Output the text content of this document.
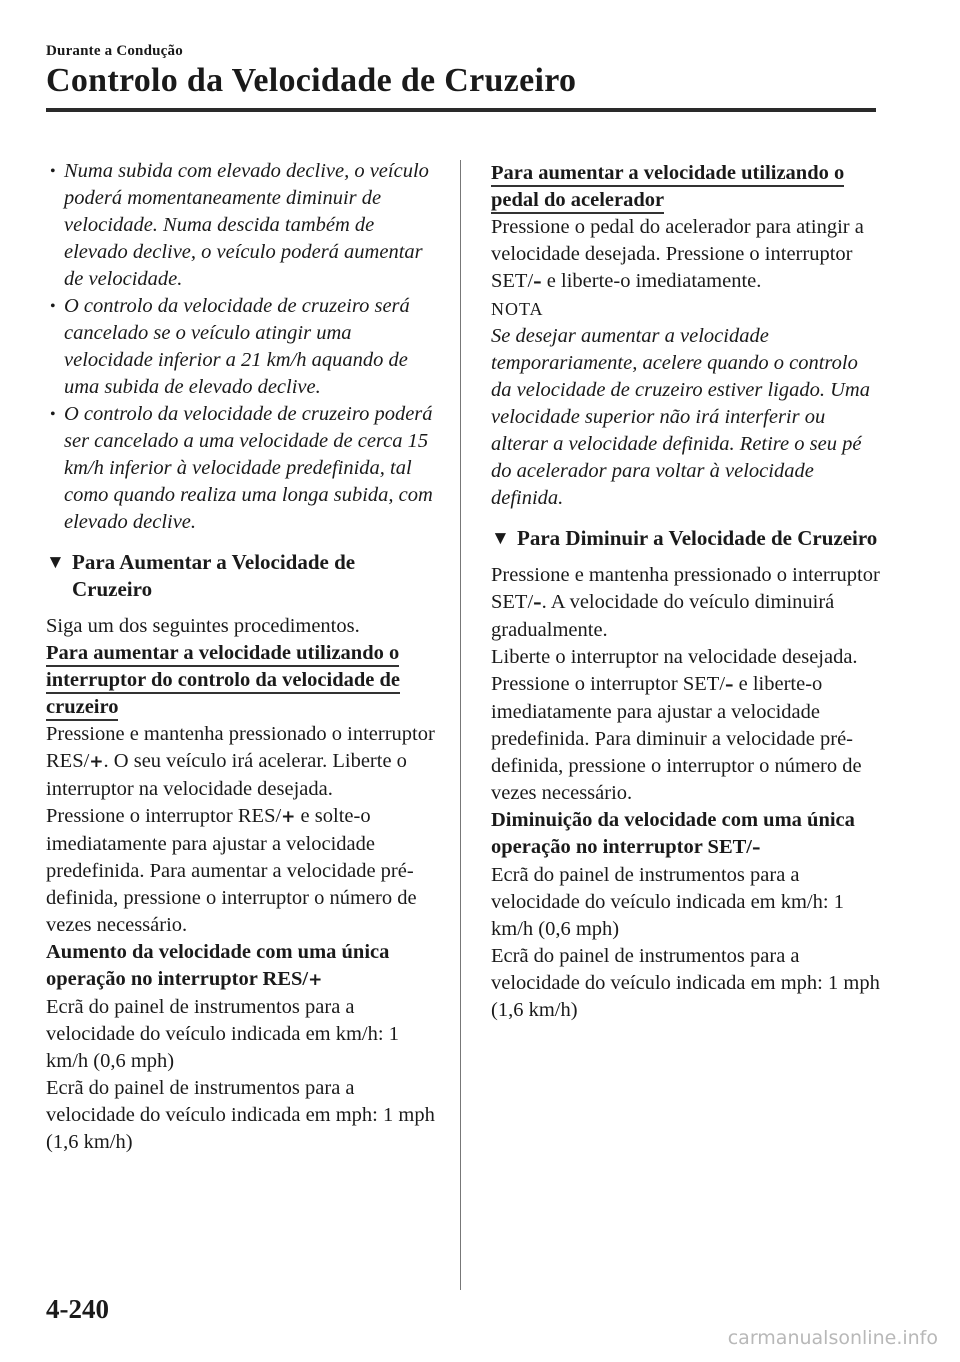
Durante a Condução
Controlo da Velocidade de Cruzeiro
• Numa subida com elevado declive, o veículo poderá momentaneamente diminuir de velocidade. Numa descida também de elevado declive, o veículo poderá aumentar de velocidade.
• O controlo da velocidade de cruzeiro será cancelado se o veículo atingir uma velocidade inferior a 21 km/h aquando de uma subida de elevado declive.
• O controlo da velocidade de cruzeiro poderá ser cancelado a uma velocidade de cerca 15 km/h inferior à velocidade predefinida, tal como quando realiza uma longa subida, com elevado declive.
▼ Para Aumentar a Velocidade de Cruzeiro

Siga um dos seguintes procedimentos.

Para aumentar a velocidade utilizando o interruptor do controlo da velocidade de cruzeiro

Pressione e mantenha pressionado o interruptor RES/+. O seu veículo irá acelerar. Liberte o interruptor na velocidade desejada.

Pressione o interruptor RES/+ e solte-o imediatamente para ajustar a velocidade predefinida. Para aumentar a velocidade pré-definida, pressione o interruptor o número de vezes necessário.

Aumento da velocidade com uma única operação no interruptor RES/+

Ecrã do painel de instrumentos para a velocidade do veículo indicada em km/h: 1 km/h (0,6 mph)

Ecrã do painel de instrumentos para a velocidade do veículo indicada em mph: 1 mph (1,6 km/h)

Para aumentar a velocidade utilizando o pedal do acelerador

Pressione o pedal do acelerador para atingir a velocidade desejada. Pressione o interruptor SET/– e liberte-o imediatamente.

NOTA

Se desejar aumentar a velocidade temporariamente, acelere quando o controlo da velocidade de cruzeiro estiver ligado. Uma velocidade superior não irá interferir ou alterar a velocidade definida. Retire o seu pé do acelerador para voltar à velocidade definida.

▼ Para Diminuir a Velocidade de Cruzeiro

Pressione e mantenha pressionado o interruptor SET/–. A velocidade do veículo diminuirá gradualmente.

Liberte o interruptor na velocidade desejada.

Pressione o interruptor SET/– e liberte-o imediatamente para ajustar a velocidade predefinida. Para diminuir a velocidade pré-definida, pressione o interruptor o número de vezes necessário.

Diminuição da velocidade com uma única operação no interruptor SET/–

Ecrã do painel de instrumentos para a velocidade do veículo indicada em km/h: 1 km/h (0,6 mph)

Ecrã do painel de instrumentos para a velocidade do veículo indicada em mph: 1 mph (1,6 km/h)

4-240
carmanualsonline.info
